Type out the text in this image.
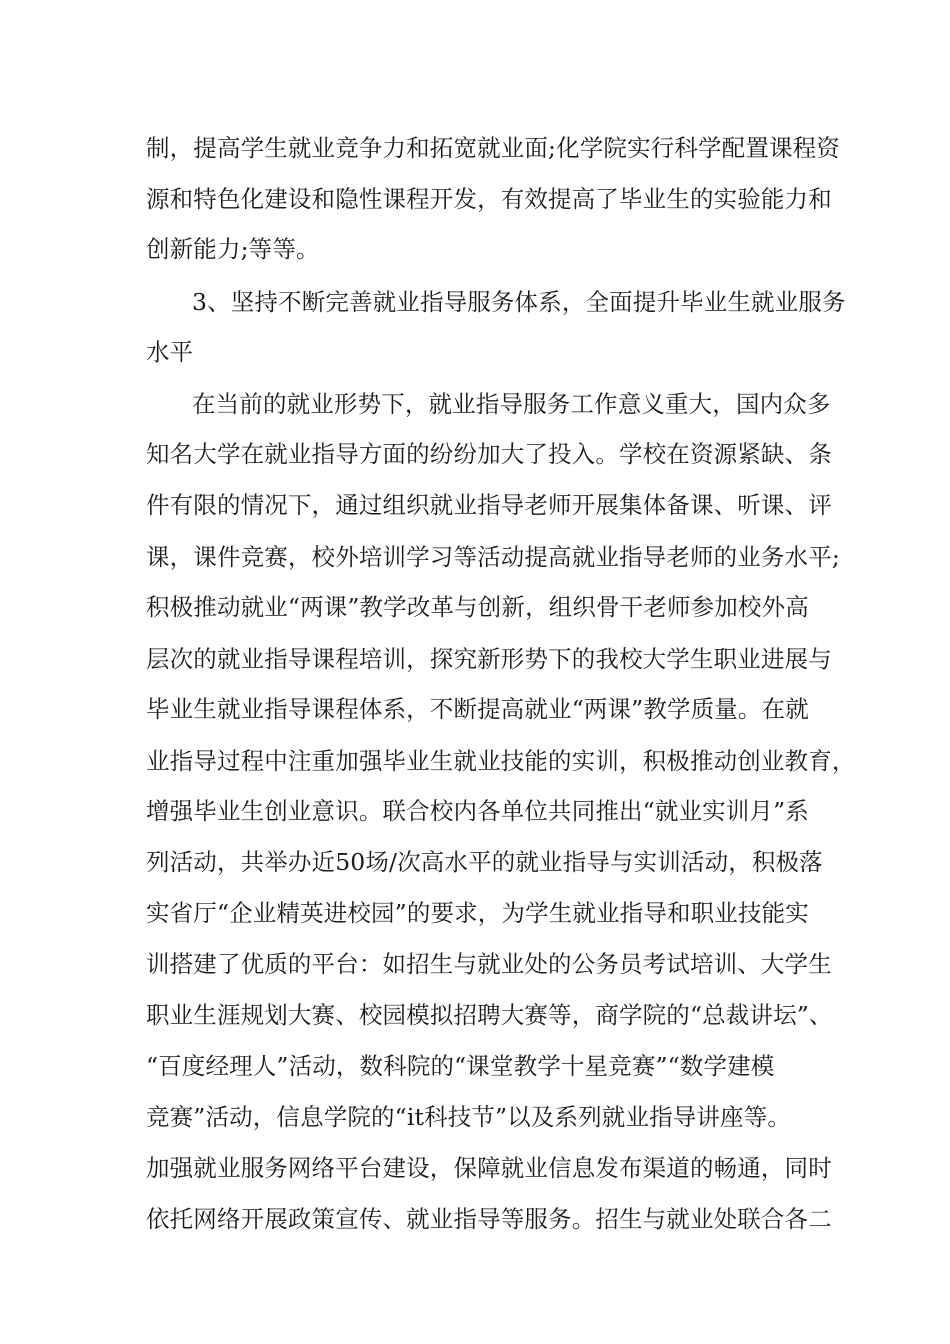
制，提高学生就业竞争力和拓宽就业面;化学院实行科学配置课程资
源和特色化建设和隐性课程开发，有效提高了毕业生的实验能力和
创新能力;等等。
3、坚持不断完善就业指导服务体系，全面提升毕业生就业服务
水平
在当前的就业形势下，就业指导服务工作意义重大，国内众多
知名大学在就业指导方面的纷纷加大了投入。学校在资源紧缺、条
件有限的情况下，通过组织就业指导老师开展集体备课、听课、评
课，课件竞赛，校外培训学习等活动提高就业指导老师的业务水平;
积极推动就业“两课”教学改革与创新，组织骨干老师参加校外高
层次的就业指导课程培训，探究新形势下的我校大学生职业进展与
毕业生就业指导课程体系，不断提高就业“两课”教学质量。在就
业指导过程中注重加强毕业生就业技能的实训，积极推动创业教育，
增强毕业生创业意识。联合校内各单位共同推出“就业实训月”系
列活动，共举办近50场/次高水平的就业指导与实训活动，积极落
实省厅“企业精英进校园”的要求，为学生就业指导和职业技能实
训搭建了优质的平台：如招生与就业处的公务员考试培训、大学生
职业生涯规划大赛、校园模拟招聘大赛等，商学院的“总裁讲坛”、
“百度经理人”活动，数科院的“课堂教学十星竞赛”“数学建模
竞赛”活动，信息学院的“it科技节”以及系列就业指导讲座等。
加强就业服务网络平台建设，保障就业信息发布渠道的畅通，同时
依托网络开展政策宣传、就业指导等服务。招生与就业处联合各二
